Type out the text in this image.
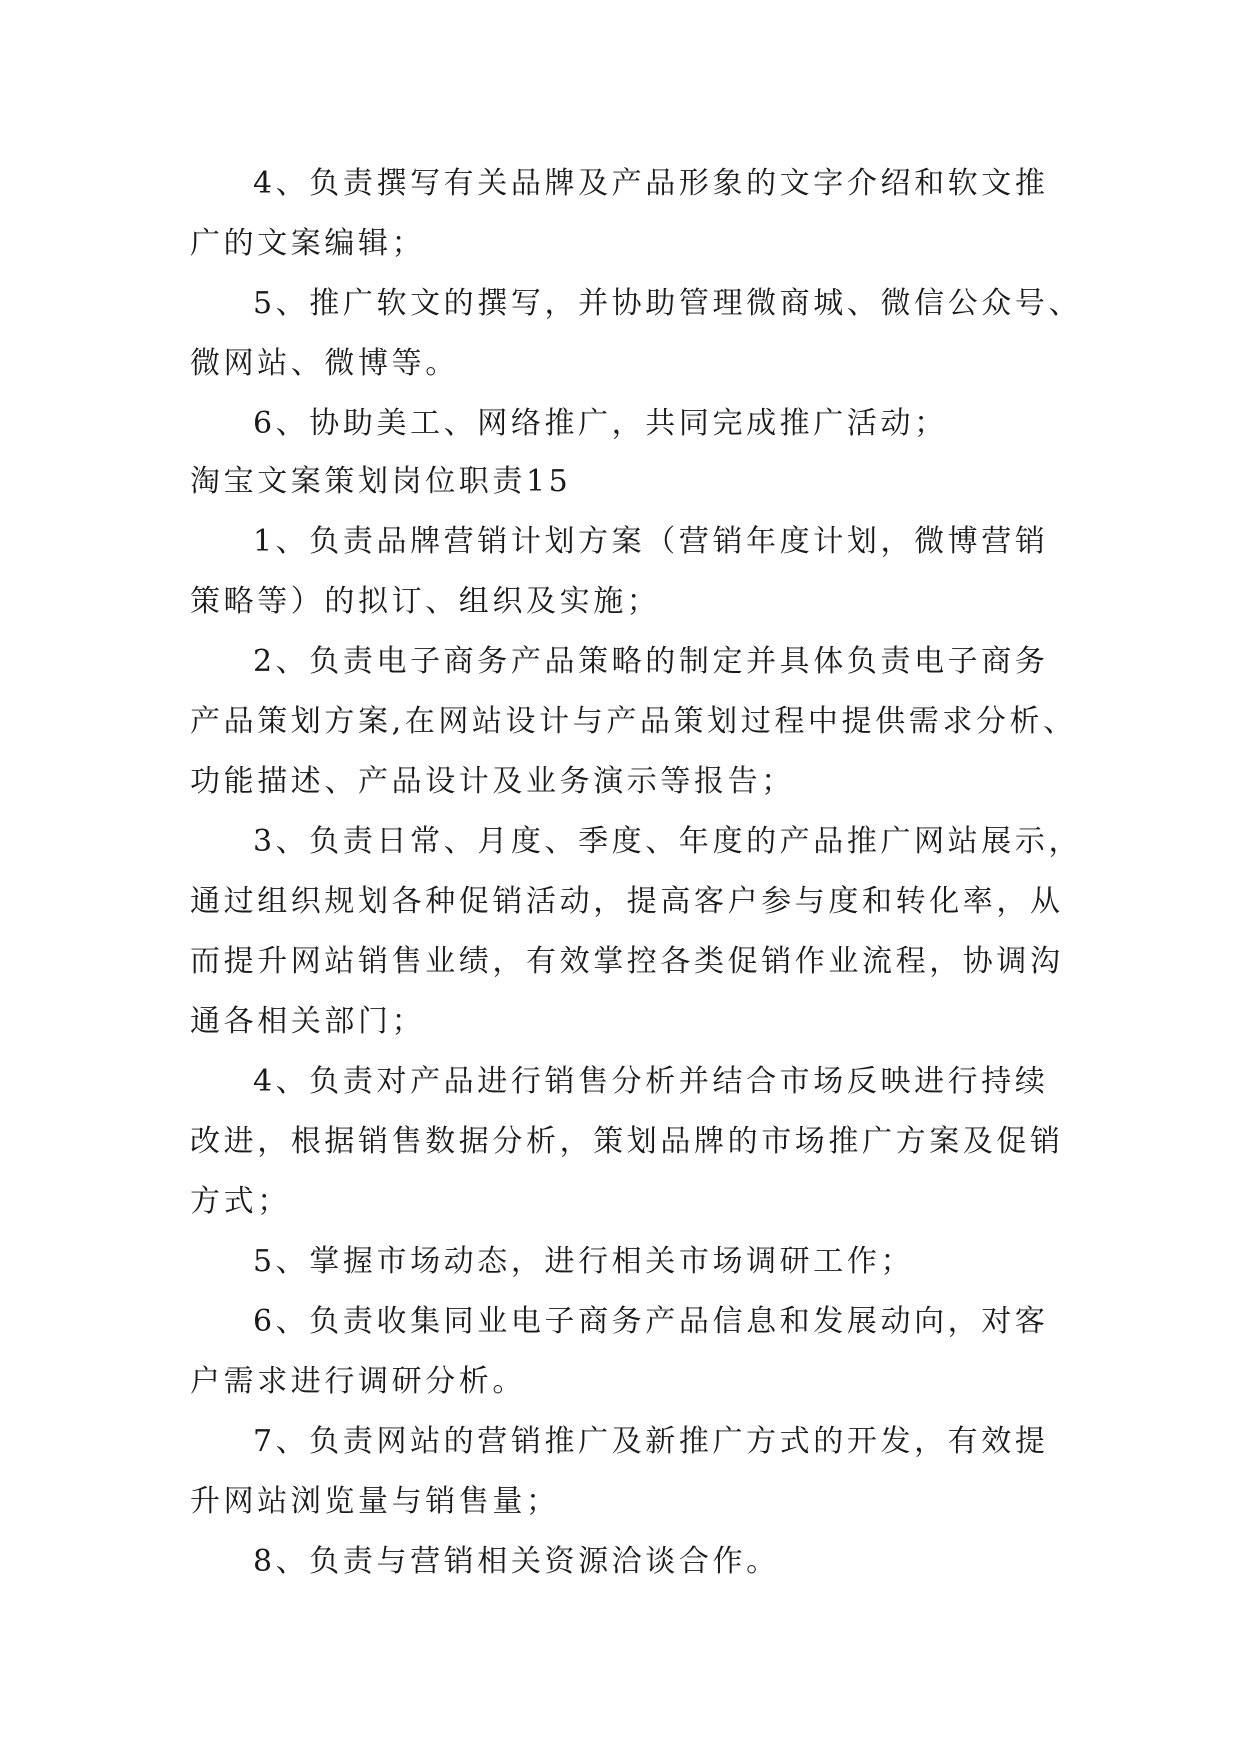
4、负责撰写有关品牌及产品形象的文字介绍和软文推
广的文案编辑；
5、推广软文的撰写，并协助管理微商城、微信公众号、
微网站、微博等。
6、协助美工、网络推广，共同完成推广活动；
淘宝文案策划岗位职责15
1、负责品牌营销计划方案（营销年度计划，微博营销
策略等）的拟订、组织及实施；
2、负责电子商务产品策略的制定并具体负责电子商务
产品策划方案,在网站设计与产品策划过程中提供需求分析、
功能描述、产品设计及业务演示等报告；
3、负责日常、月度、季度、年度的产品推广网站展示，
通过组织规划各种促销活动，提高客户参与度和转化率，从
而提升网站销售业绩，有效掌控各类促销作业流程，协调沟
通各相关部门；
4、负责对产品进行销售分析并结合市场反映进行持续
改进，根据销售数据分析，策划品牌的市场推广方案及促销
方式；
5、掌握市场动态，进行相关市场调研工作；
6、负责收集同业电子商务产品信息和发展动向，对客
户需求进行调研分析。
7、负责网站的营销推广及新推广方式的开发，有效提
升网站浏览量与销售量；
8、负责与营销相关资源洽谈合作。
